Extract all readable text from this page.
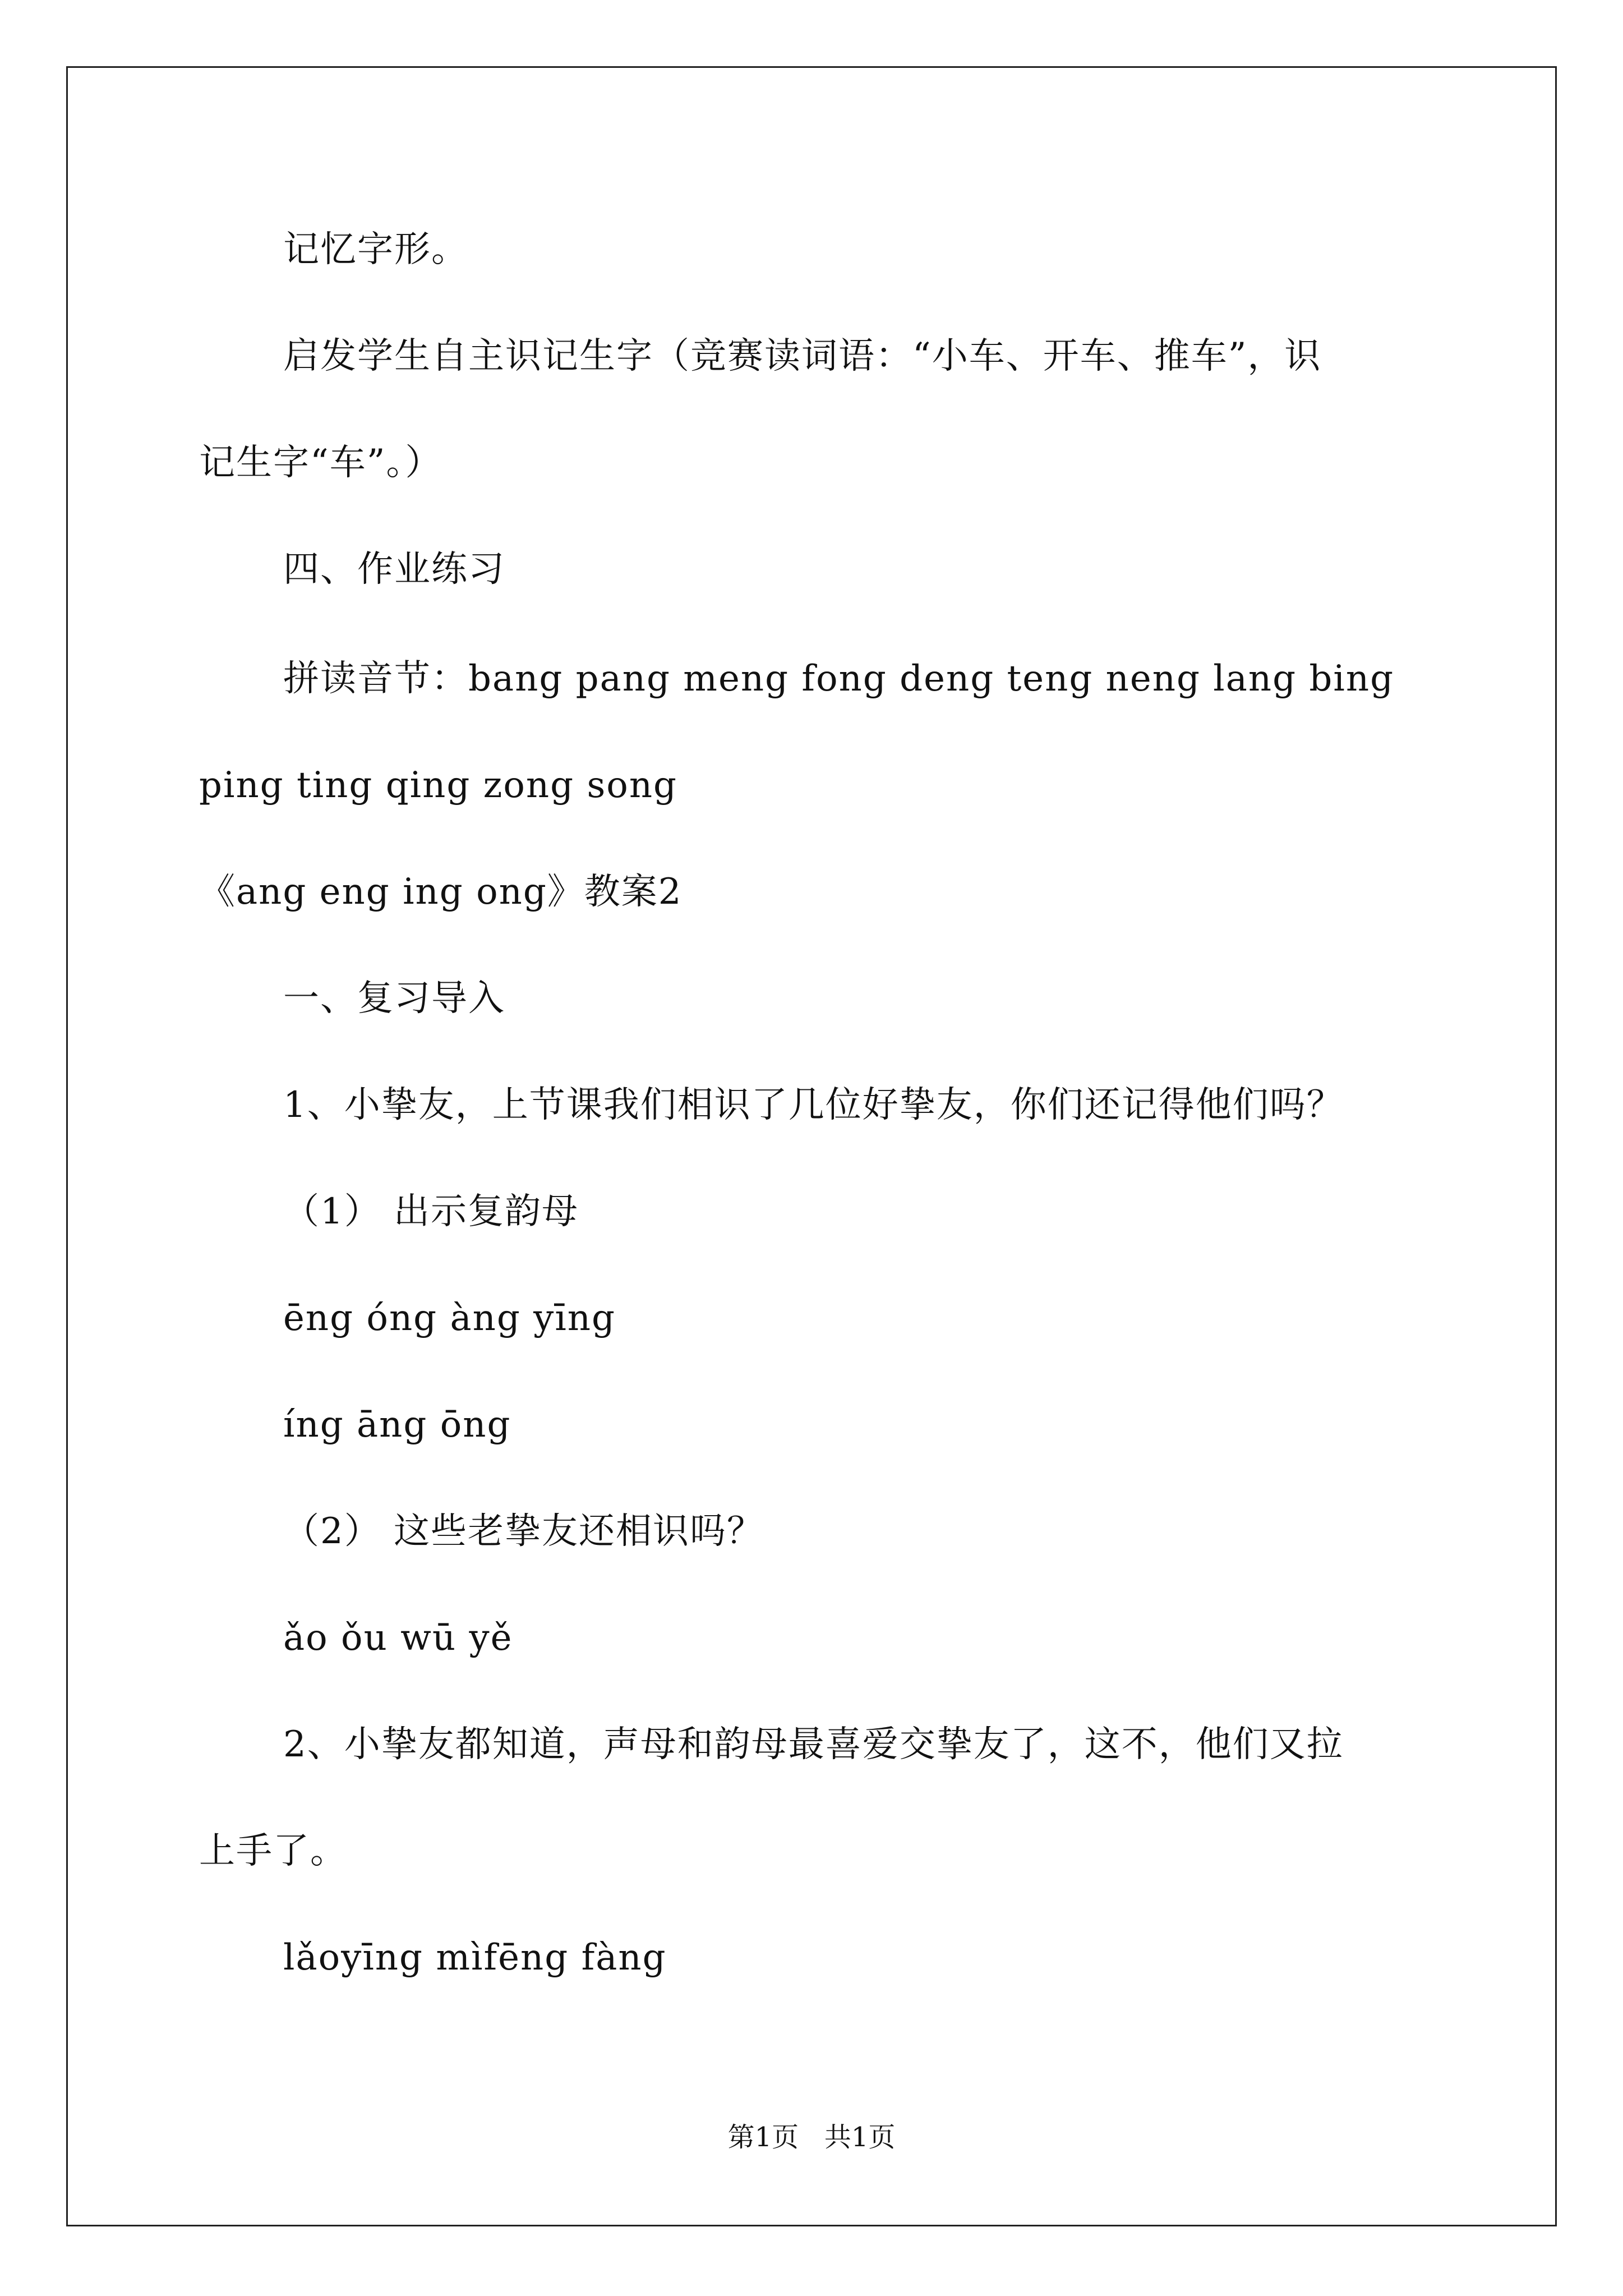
记忆字形。
启发学生自主识记生字（竞赛读词语：“小车、开车、推车”，识
记生字“车”。）
四、作业练习
拼读音节：bang pang meng fong deng teng neng lang bing
ping ting qing zong song
《ang eng ing ong》教案2
一、复习导入
1、小挚友，上节课我们相识了几位好挚友，你们还记得他们吗？
（1） 出示复韵母
ēng óng àng yīng
íng āng ōng
（2） 这些老挚友还相识吗？
ǎo ǒu wū yě
2、小挚友都知道，声母和韵母最喜爱交挚友了，这不，他们又拉
上手了。
lǎoyīng mìfēng fàng
第1页   共1页
